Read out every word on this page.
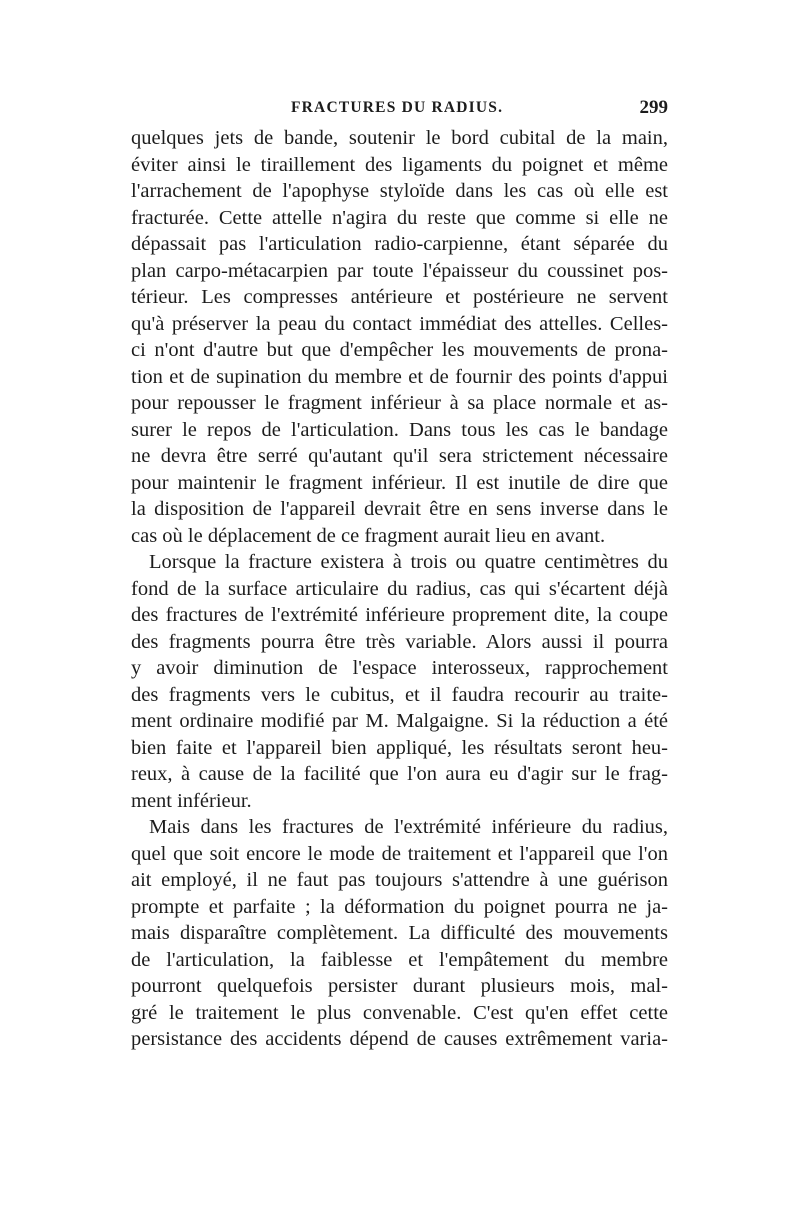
FRACTURES DU RADIUS.	299
quelques jets de bande, soutenir le bord cubital de la main,
éviter ainsi le tiraillement des ligaments du poignet et même
l'arrachement de l'apophyse styloïde dans les cas où elle est
fracturée. Cette attelle n'agira du reste que comme si elle ne
dépassait pas l'articulation radio-carpienne, étant séparée du
plan carpo-métacarpien par toute l'épaisseur du coussinet pos-
térieur. Les compresses antérieure et postérieure ne servent
qu'à préserver la peau du contact immédiat des attelles. Celles-
ci n'ont d'autre but que d'empêcher les mouvements de prona-
tion et de supination du membre et de fournir des points d'appui
pour repousser le fragment inférieur à sa place normale et as-
surer le repos de l'articulation. Dans tous les cas le bandage
ne devra être serré qu'autant qu'il sera strictement nécessaire
pour maintenir le fragment inférieur. Il est inutile de dire que
la disposition de l'appareil devrait être en sens inverse dans le
cas où le déplacement de ce fragment aurait lieu en avant.
Lorsque la fracture existera à trois ou quatre centimètres du
fond de la surface articulaire du radius, cas qui s'écartent déjà
des fractures de l'extrémité inférieure proprement dite, la coupe
des fragments pourra être très variable. Alors aussi il pourra
y avoir diminution de l'espace interosseux, rapprochement
des fragments vers le cubitus, et il faudra recourir au traite-
ment ordinaire modifié par M. Malgaigne. Si la réduction a été
bien faite et l'appareil bien appliqué, les résultats seront heu-
reux, à cause de la facilité que l'on aura eu d'agir sur le frag-
ment inférieur.
Mais dans les fractures de l'extrémité inférieure du radius,
quel que soit encore le mode de traitement et l'appareil que l'on
ait employé, il ne faut pas toujours s'attendre à une guérison
prompte et parfaite ; la déformation du poignet pourra ne ja-
mais disparaître complètement. La difficulté des mouvements
de l'articulation, la faiblesse et l'empâtement du membre
pourront quelquefois persister durant plusieurs mois, mal-
gré le traitement le plus convenable. C'est qu'en effet cette
persistance des accidents dépend de causes extrêmement varia-
